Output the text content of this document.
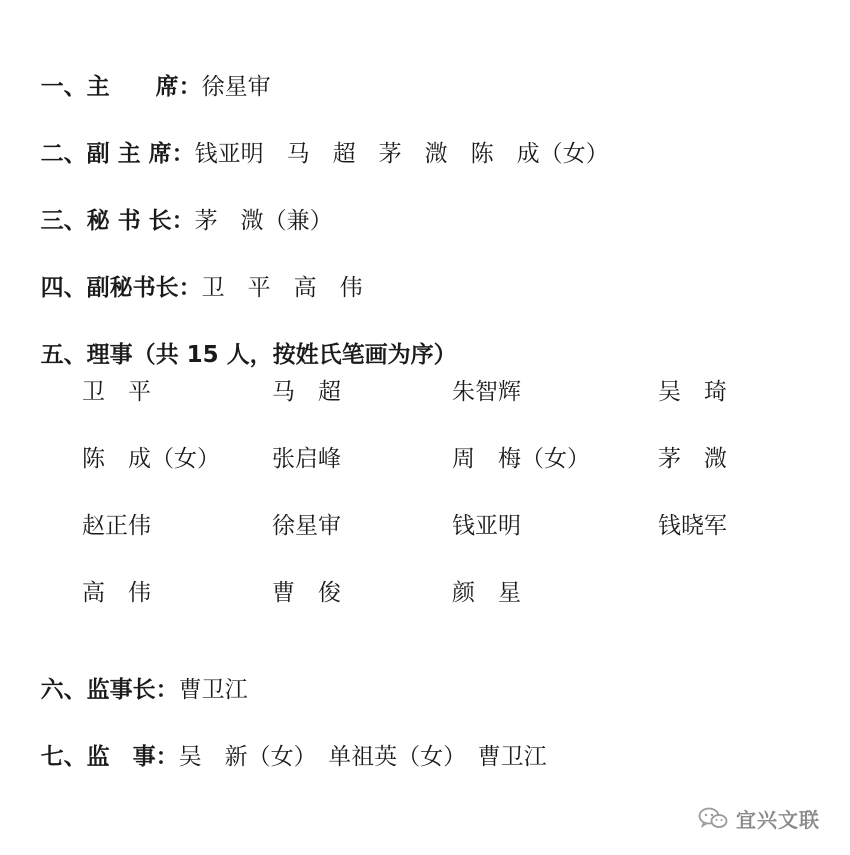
一、主　　席：徐星审

二、副 主 席：钱亚明　马　超　茅　溦　陈　成（女）

三、秘 书 长：茅　溦（兼）

四、副秘书长：卫　平　高　伟

五、理事（共 15 人，按姓氏笔画为序）

卫　平	马　超	朱智辉	吴　琦
陈　成（女） 张启峰	周　梅（女）	茅　溦
赵正伟	徐星审	钱亚明	钱晓军
高　伟	曹　俊	颜　星

六、监事长：曹卫江

七、监　事：吴　新（女）　单祖英（女）　曹卫江

宜兴文联
